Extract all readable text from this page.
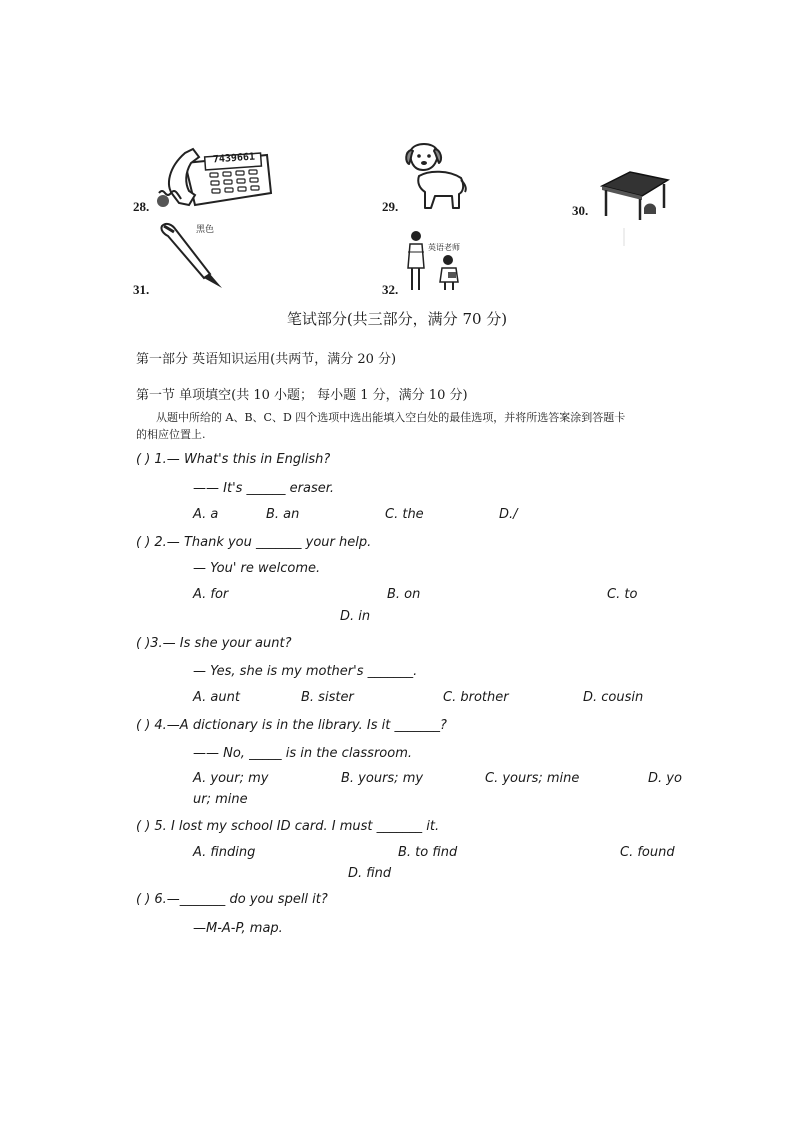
28.
7439661
29.	30.
31.
黑色
32.
英语老师
笔试部分(共三部分，满分 70 分)
第一部分 英语知识运用(共两节，满分 20 分)
第一节 单项填空(共 10 小题； 每小题 1 分，满分 10 分)
从题中所给的 A、B、C、D 四个选项中选出能填入空白处的最佳选项，并将所选答案涂到答题卡
的相应位置上.
( ) 1.— What's this in English?
—— It's ______ eraser.
A. a	B. an	C. the	D./
( ) 2.— Thank you _______ your help.
— You' re welcome.
A. for	B. on	C. to
D. in
( )3.— Is she your aunt?
— Yes, she is my mother's _______.
A. aunt	B. sister	C. brother	D. cousin
( ) 4.—A dictionary is in the library. Is it _______?
—— No, _____ is in the classroom.
A. your; my	B. yours; my	C. yours; mine	D. yo
ur; mine
( ) 5. I lost my school ID card. I must _______ it.
A. finding	B. to find	C. found
D. find
( ) 6.—_______ do you spell it?
—M-A-P, map.
